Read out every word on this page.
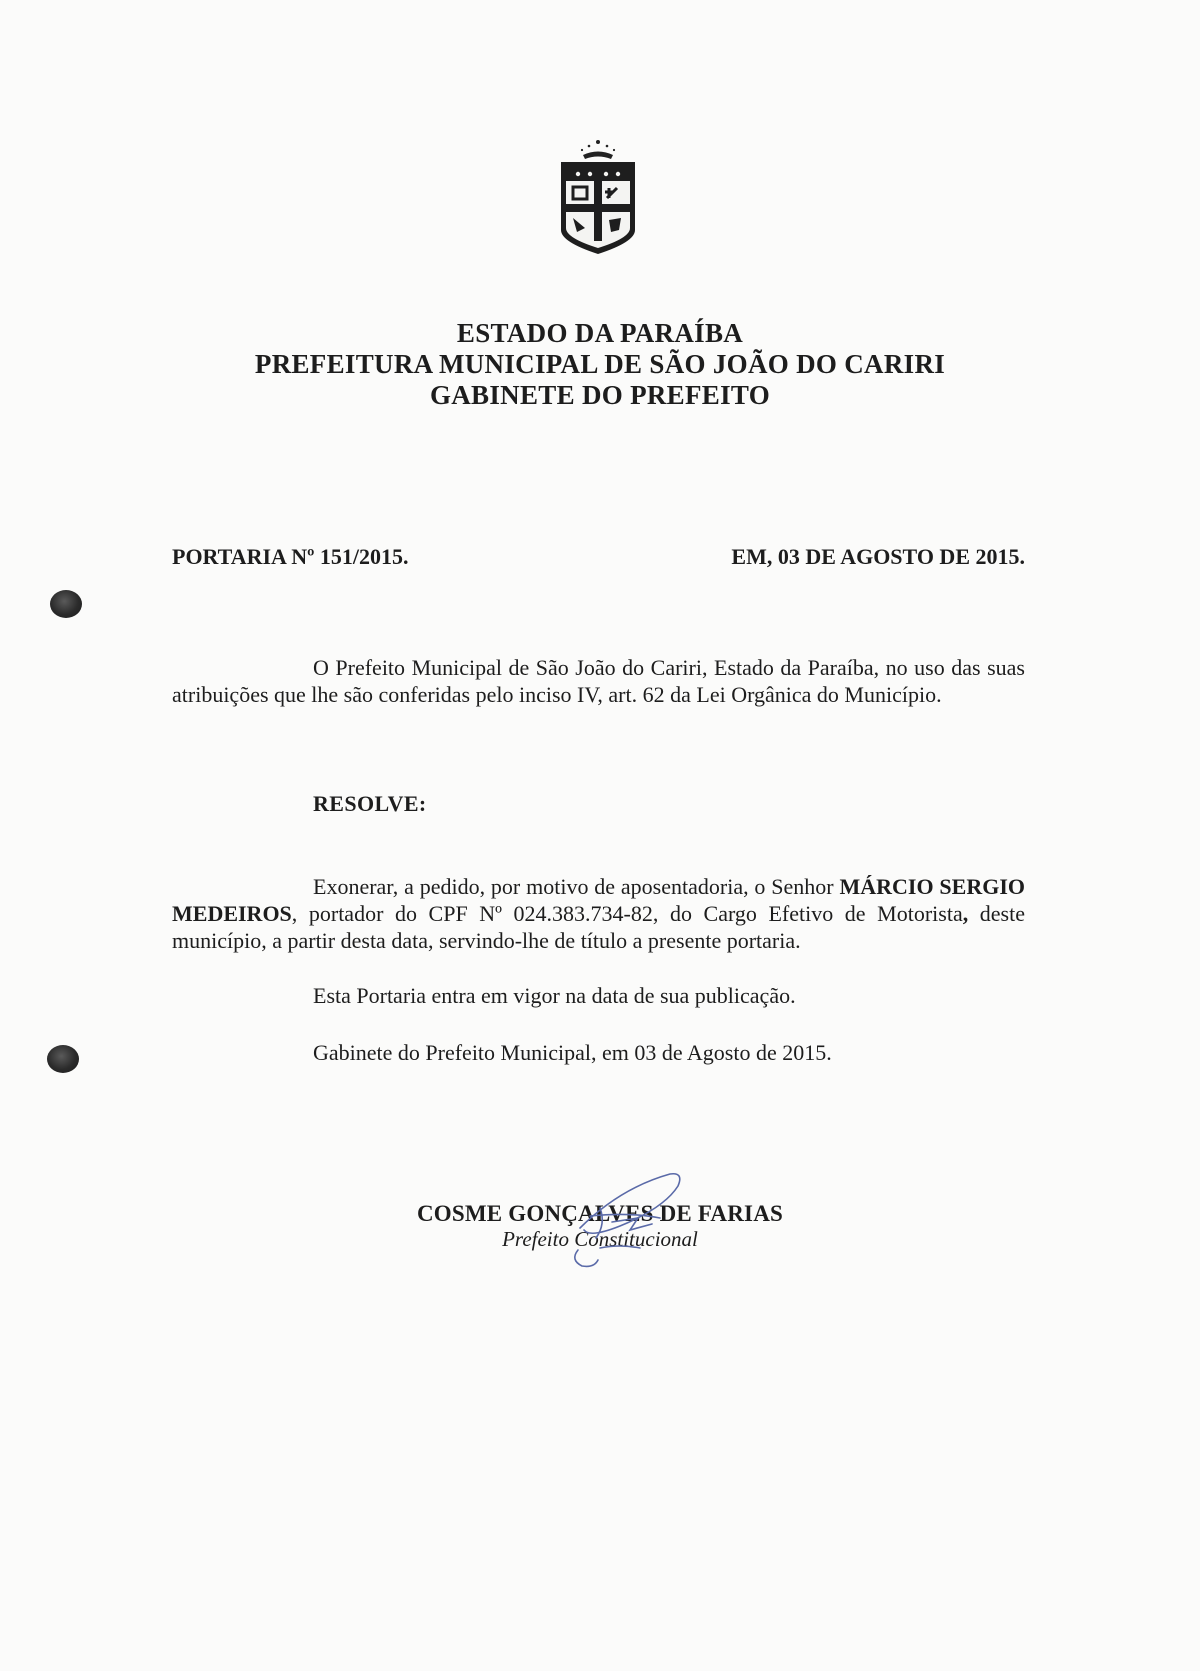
ESTADO DA PARAÍBA
PREFEITURA MUNICIPAL DE SÃO JOÃO DO CARIRI
GABINETE DO PREFEITO
PORTARIA Nº 151/2015.	EM, 03 DE AGOSTO DE 2015.
O Prefeito Municipal de São João do Cariri, Estado da Paraíba, no uso das suas atribuições que lhe são conferidas pelo inciso IV, art. 62 da Lei Orgânica do Município.
RESOLVE:
Exonerar, a pedido, por motivo de aposentadoria, o Senhor MÁRCIO SERGIO MEDEIROS, portador do CPF Nº 024.383.734-82, do Cargo Efetivo de Motorista, deste município, a partir desta data, servindo-lhe de título a presente portaria.
Esta Portaria entra em vigor na data de sua publicação.
Gabinete do Prefeito Municipal, em 03 de Agosto de 2015.
COSME GONÇALVES DE FARIAS
Prefeito Constitucional
